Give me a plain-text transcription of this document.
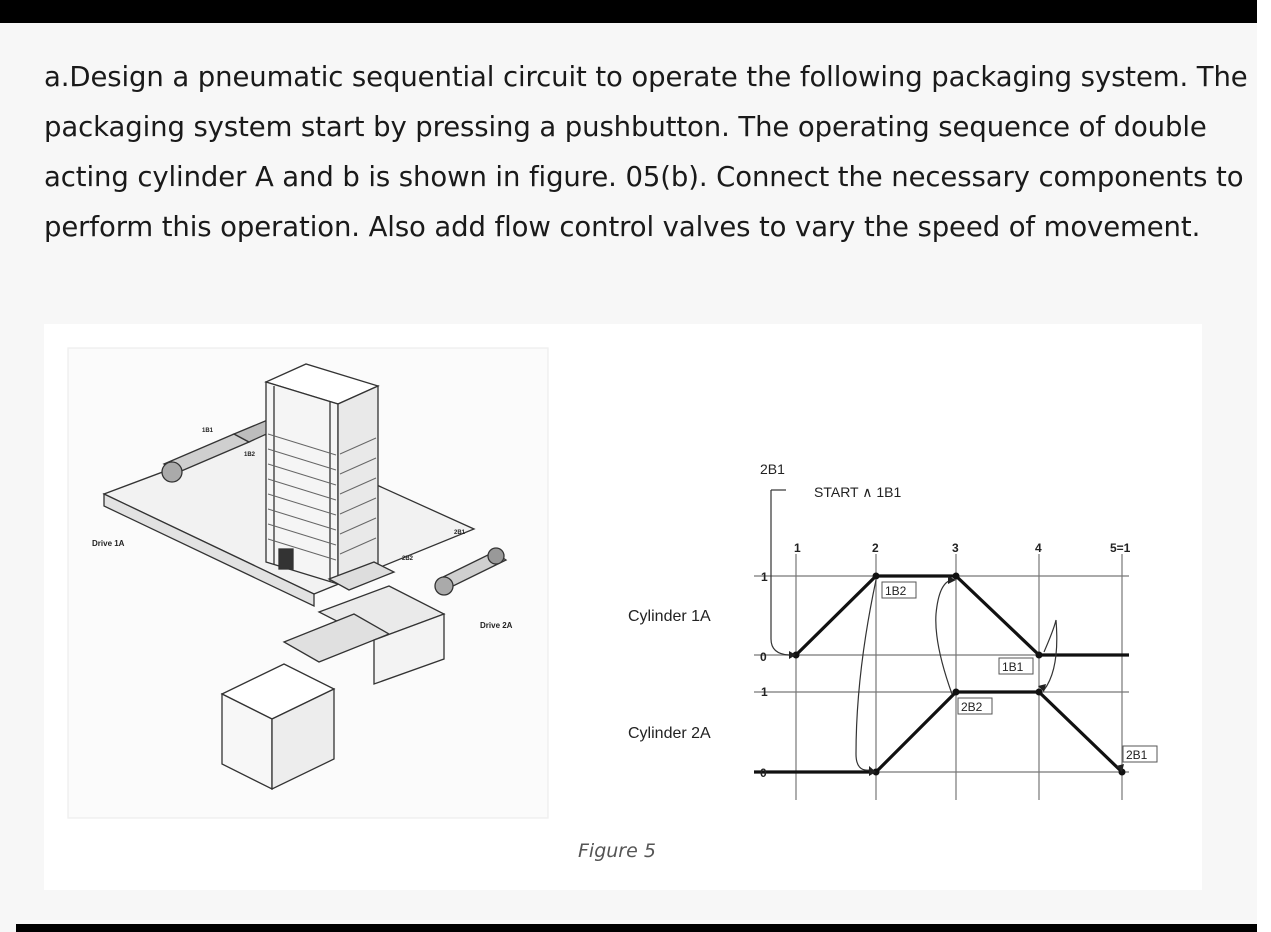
a.Design a pneumatic sequential circuit to operate the following packaging system. The packaging system start by pressing a pushbutton. The operating sequence of double acting cylinder A and b is shown in figure. 05(b). Connect the necessary components to perform this operation. Also add flow control valves to vary the speed of movement.
Drive 1A
Drive 2A
1B1
1B2
2B1
2B2
2B1
START ∧ 1B1
1	2	3	4	5=1
Cylinder 1A
Cylinder 2A
1
0
1
0
1B2
1B1
2B2
2B1
Figure 5
